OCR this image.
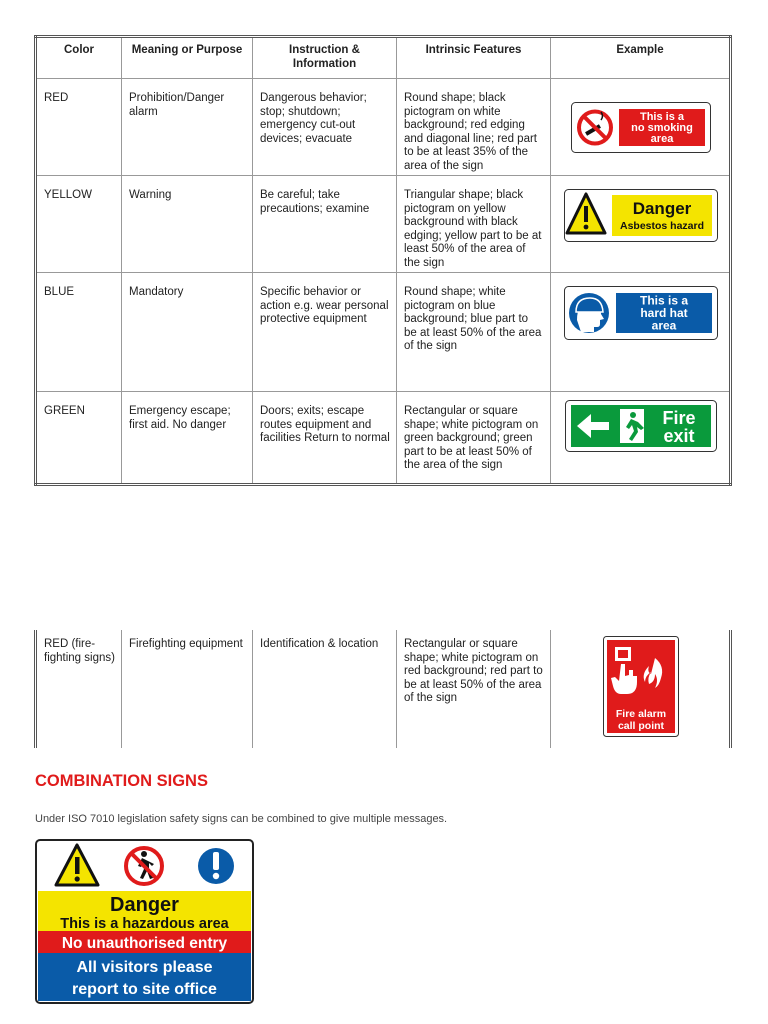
Color	Meaning or Purpose	Instruction & Information	Intrinsic Features	Example
RED	Prohibition/Danger alarm	Dangerous behavior; stop; shutdown; emergency cut-out devices; evacuate	Round shape; black pictogram on white background; red edging and diagonal line; red part to be at least 35% of the area of the sign	This is a
no smoking
area

YELLOW	Warning	Be careful; take precautions; examine	Triangular shape; black pictogram on yellow background with black edging; yellow part to be at least 50% of the area of the sign	Danger
Asbestos hazard

BLUE	Mandatory	Specific behavior or action e.g. wear personal protective equipment	Round shape; white pictogram on blue background; blue part to be at least 50% of the area of the sign	This is a
hard hat
area

GREEN	Emergency escape; first aid. No danger	Doors; exits; escape routes equipment and facilities Return to normal	Rectangular or square shape; white pictogram on green background; green part to be at least 50% of the area of the sign	Fire
exit
RED (fire-fighting signs)	Firefighting equipment	Identification & location	Rectangular or square shape; white pictogram on red background; red part to be at least 50% of the area of the sign	
Fire alarm
call point
COMBINATION SIGNS

Under ISO 7010 legislation safety signs can be combined to give multiple messages.

Danger
This is a hazardous area
No unauthorised entry
All visitors please
report to site office
